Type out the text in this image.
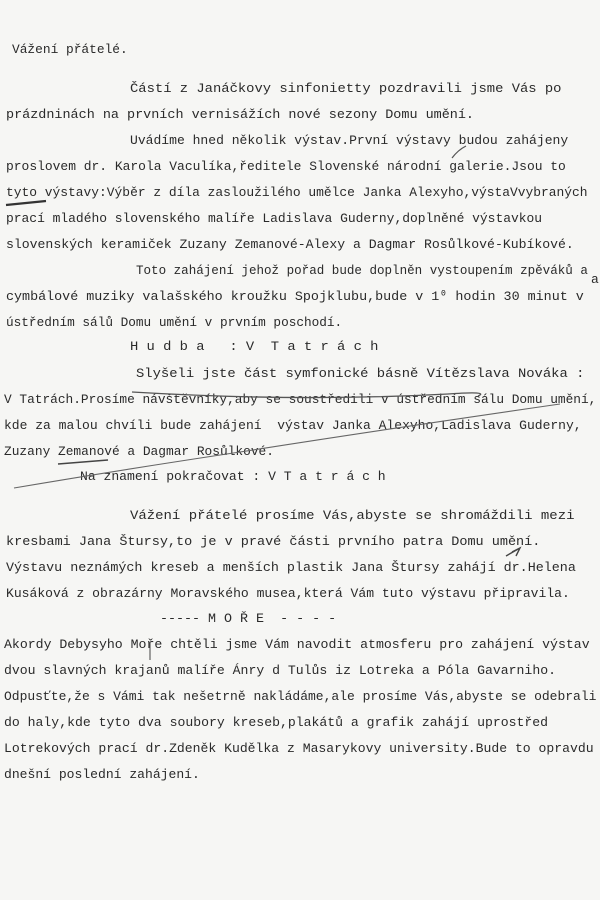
Vážení přátelé.
Částí z Janáčkovy sinfonietty pozdravili jsme Vás po
prázdninách na prvních vernisážích nové sezony Domu umění.
Uvádíme hned několik výstav.První výstavy budou zahájeny
proslovem dr. Karola Vaculíka,ředitele Slovenské národní galerie.Jsou to
tyto výstavy:Výběr z díla zasloužilého umělce Janka Alexyho,výstaVvybraných
prací mladého slovenského malíře Ladislava Guderny,doplněné výstavkou
slovenských keramiček Zuzany Zemanové-Alexy a Dagmar Rosůlkové-Kubíkové.
Toto zahájení jehož pořad bude doplněn vystoupením zpěváků a
cymbálové muziky valašského kroužku Spojklubu,bude v 1⁰ hodin 30 minut v
ústředním sálů Domu umění v prvním poschodí.
H u d b a   : V  T a t r á c h
Slyšeli jste část symfonické básně Vítězslava Nováka :
V Tatrách.Prosíme návštěvníky,aby se soustředili v ústředním sálu Domu umění,
kde za malou chvíli bude zahájení  výstav Janka Alexyho,Ladislava Guderny,
Zuzany Zemanové a Dagmar Rosůlkové.
Na znamení pokračovat : V T a t r á c h
Vážení přátelé prosíme Vás,abyste se shromáždili mezi
kresbami Jana Štursy,to je v pravé části prvního patra Domu umění.
Výstavu neznámých kreseb a menších plastik Jana Štursy zahájí dr.Helena
Kusáková z obrazárny Moravského musea,která Vám tuto výstavu připravila.
----- M O Ř E  - - - -
Akordy Debysyho Moře chtěli jsme Vám navodit atmosferu pro zahájení výstav
dvou slavných krajanů malíře Ánry d Tulůs iz Lotreka a Póla Gavarniho.
Odpusťte,že s Vámi tak nešetrně nakládáme,ale prosíme Vás,abyste se odebrali
do haly,kde tyto dva soubory kreseb,plakátů a grafik zahájí uprostřed
Lotrekových prací dr.Zdeněk Kudělka z Masarykovy university.Bude to opravdu
dnešní poslední zahájení.
a
